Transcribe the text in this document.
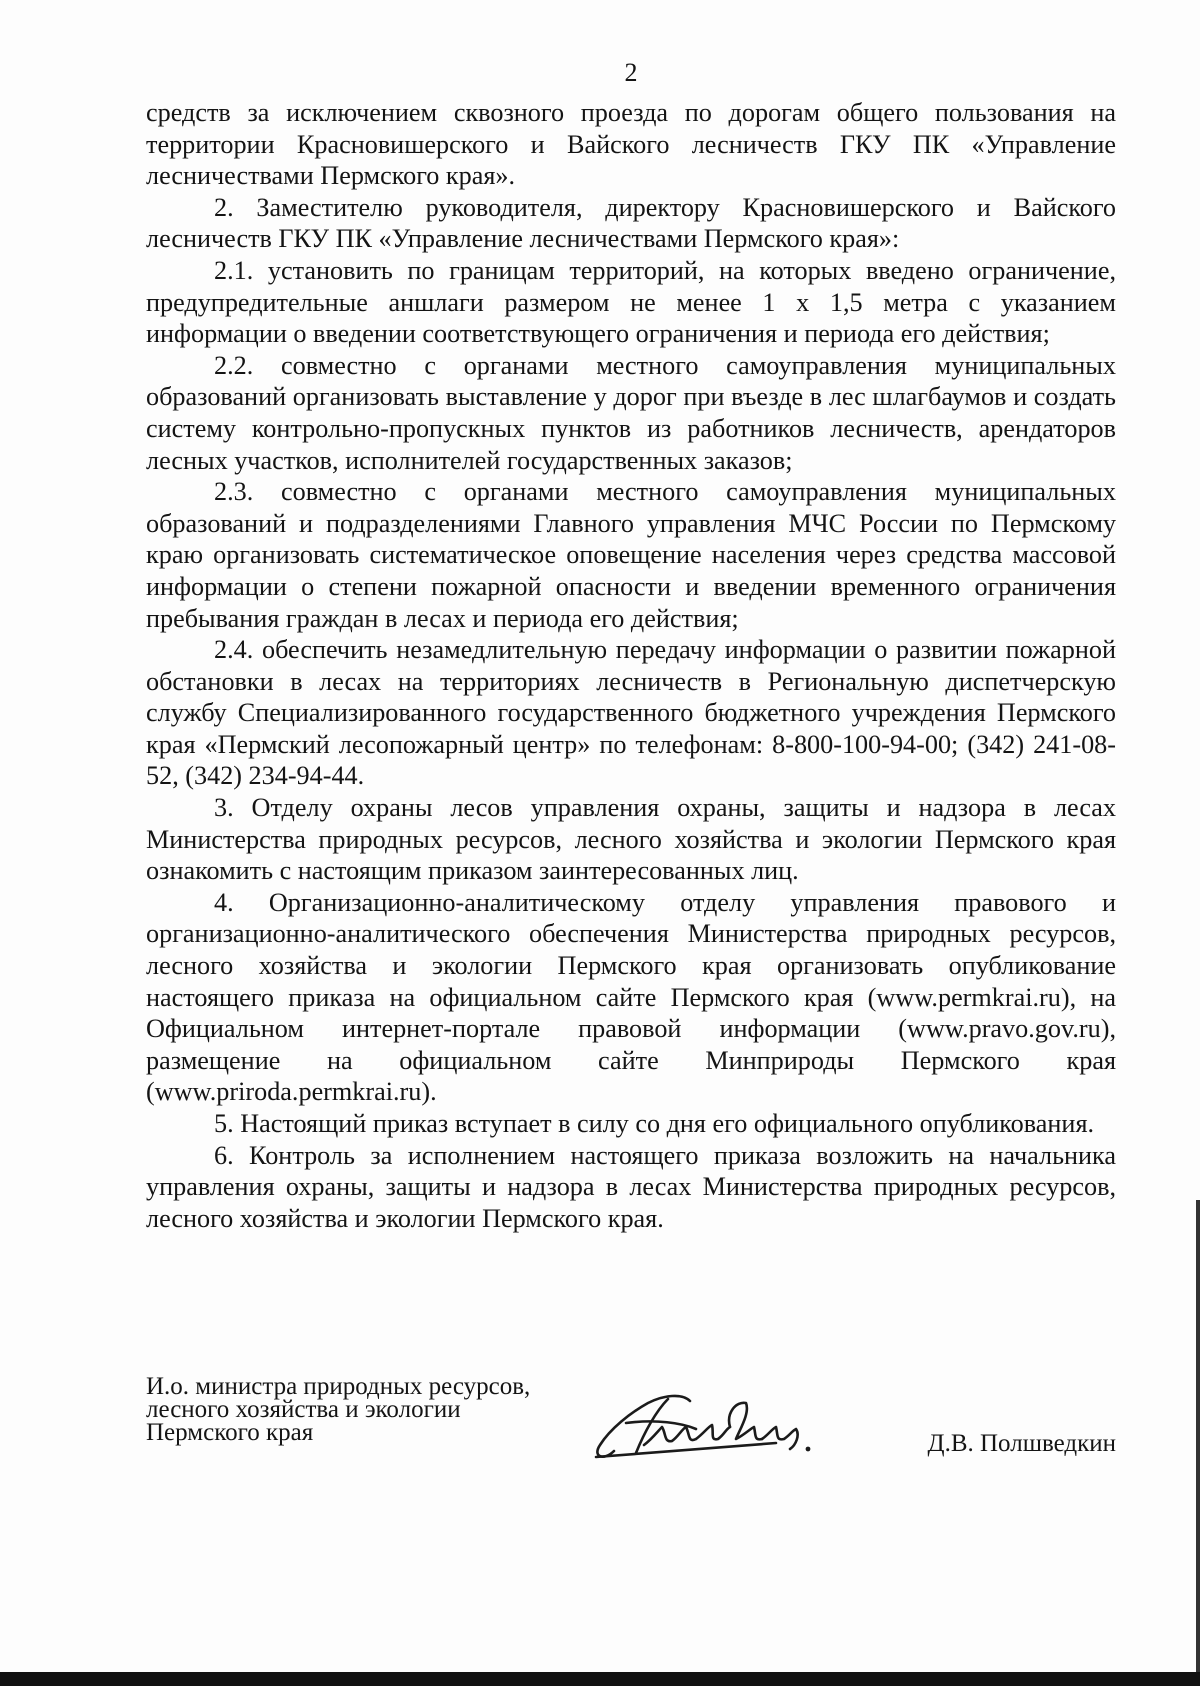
2

средств за исключением сквозного проезда по дорогам общего пользования на территории Красновишерского и Вайского лесничеств ГКУ ПК «Управление лесничествами Пермского края».

2. Заместителю руководителя, директору Красновишерского и Вайского лесничеств ГКУ ПК «Управление лесничествами Пермского края»:

2.1. установить по границам территорий, на которых введено ограничение, предупредительные аншлаги размером не менее 1 х 1,5 метра с указанием информации о введении соответствующего ограничения и периода его действия;

2.2. совместно с органами местного самоуправления муниципальных образований организовать выставление у дорог при въезде в лес шлагбаумов и создать систему контрольно-пропускных пунктов из работников лесничеств, арендаторов лесных участков, исполнителей государственных заказов;

2.3. совместно с органами местного самоуправления муниципальных образований и подразделениями Главного управления МЧС России по Пермскому краю организовать систематическое оповещение населения через средства массовой информации о степени пожарной опасности и введении временного ограничения пребывания граждан в лесах и периода его действия;

2.4. обеспечить незамедлительную передачу информации о развитии пожарной обстановки в лесах на территориях лесничеств в Региональную диспетчерскую службу Специализированного государственного бюджетного учреждения Пермского края «Пермский лесопожарный центр» по телефонам: 8-800-100-94-00; (342) 241-08-52, (342) 234-94-44.

3. Отделу охраны лесов управления охраны, защиты и надзора в лесах Министерства природных ресурсов, лесного хозяйства и экологии Пермского края ознакомить с настоящим приказом заинтересованных лиц.

4. Организационно-аналитическому отделу управления правового и организационно-аналитического обеспечения Министерства природных ресурсов, лесного хозяйства и экологии Пермского края организовать опубликование настоящего приказа на официальном сайте Пермского края (www.permkrai.ru), на Официальном интернет-портале правовой информации (www.pravo.gov.ru), размещение на официальном сайте Минприроды Пермского края (www.priroda.permkrai.ru).

5. Настоящий приказ вступает в силу со дня его официального опубликования.

6. Контроль за исполнением настоящего приказа возложить на начальника управления охраны, защиты и надзора в лесах Министерства природных ресурсов, лесного хозяйства и экологии Пермского края.

И.о. министра природных ресурсов,
лесного хозяйства и экологии
Пермского края	Д.В. Полшведкин
